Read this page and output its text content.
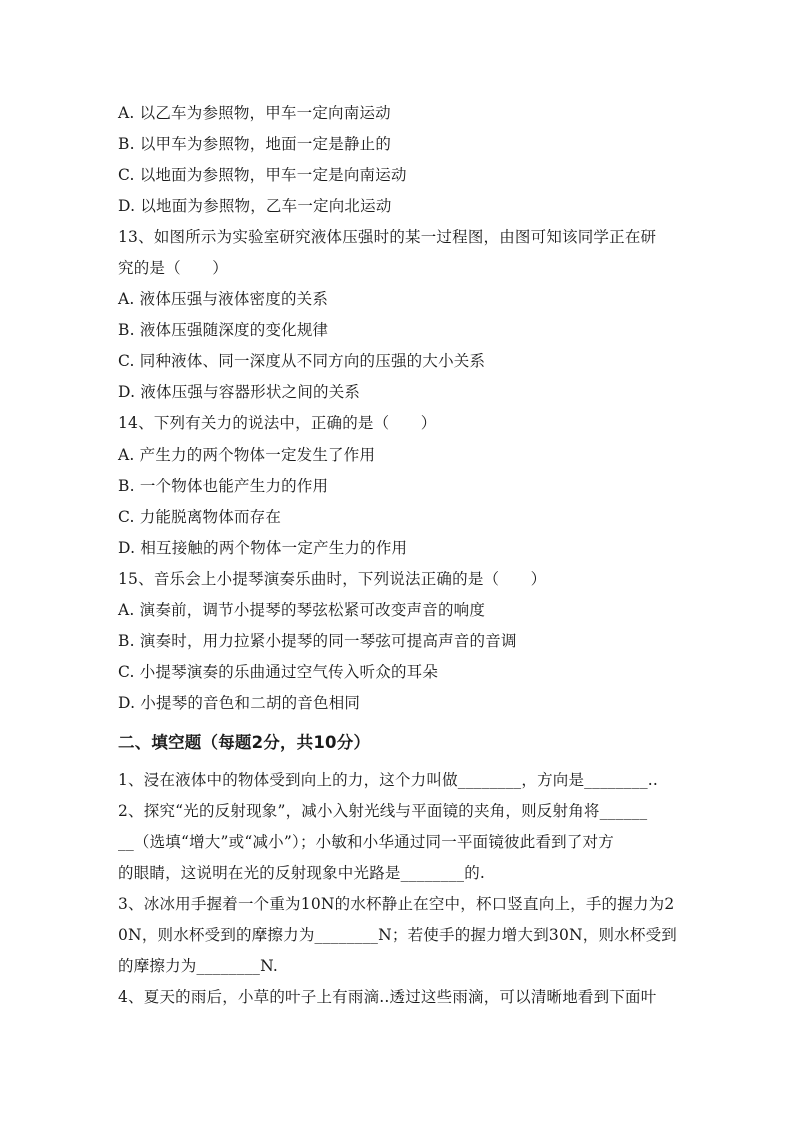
A. 以乙车为参照物，甲车一定向南运动
B. 以甲车为参照物，地面一定是静止的
C. 以地面为参照物，甲车一定是向南运动
D. 以地面为参照物，乙车一定向北运动
13、如图所示为实验室研究液体压强时的某一过程图，由图可知该同学正在研
究的是（　　）
A. 液体压强与液体密度的关系
B. 液体压强随深度的变化规律
C. 同种液体、同一深度从不同方向的压强的大小关系
D. 液体压强与容器形状之间的关系
14、下列有关力的说法中，正确的是（　　）
A. 产生力的两个物体一定发生了作用
B. 一个物体也能产生力的作用
C. 力能脱离物体而存在
D. 相互接触的两个物体一定产生力的作用
15、音乐会上小提琴演奏乐曲时，下列说法正确的是（　　）
A. 演奏前，调节小提琴的琴弦松紧可改变声音的响度
B. 演奏时，用力拉紧小提琴的同一琴弦可提高声音的音调
C. 小提琴演奏的乐曲通过空气传入听众的耳朵
D. 小提琴的音色和二胡的音色相同
二、填空题（每题2分，共10分）
1、浸在液体中的物体受到向上的力，这个力叫做________，方向是________..
2、探究“光的反射现象”，减小入射光线与平面镜的夹角，则反射角将______
__（选填“增大”或“减小”）；小敏和小华通过同一平面镜彼此看到了对方
的眼睛，这说明在光的反射现象中光路是________的.
3、冰冰用手握着一个重为10N的水杯静止在空中，杯口竖直向上，手的握力为2
0N，则水杯受到的摩擦力为________N；若使手的握力增大到30N，则水杯受到
的摩擦力为________N.
4、夏天的雨后，小草的叶子上有雨滴..透过这些雨滴，可以清晰地看到下面叶
